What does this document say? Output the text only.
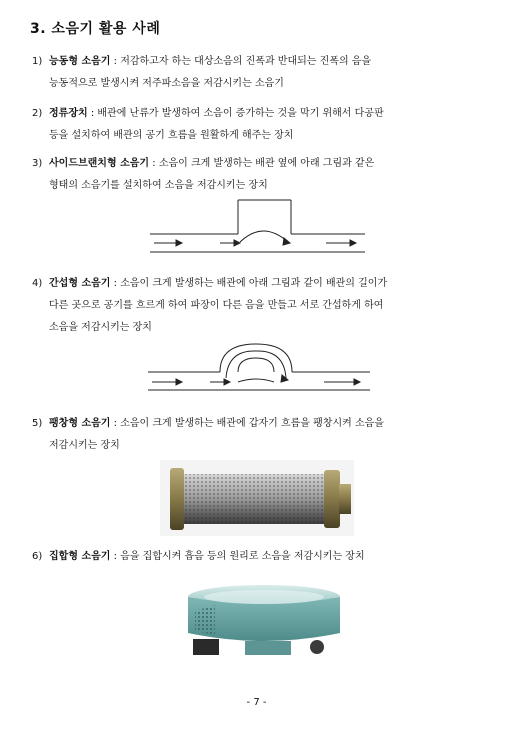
3. 소음기 활용 사례
1) 능동형 소음기 : 저감하고자 하는 대상소음의 진폭과 반대되는 진폭의 음을
능동적으로 발생시켜 저주파소음을 저감시키는 소음기
2) 정류장치 : 배관에 난류가 발생하여 소음이 증가하는 것을 막기 위해서 다공판
등을 설치하여 배관의 공기 흐름을 원활하게 해주는 장치
3) 사이드브랜치형 소음기 : 소음이 크게 발생하는 배관 옆에 아래 그림과 같은
형태의 소음기를 설치하여 소음을 저감시키는 장치
4) 간섭형 소음기 : 소음이 크게 발생하는 배관에 아래 그림과 같이 배관의 길이가
다른 곳으로 공기를 흐르게 하여 파장이 다른 음을 만들고 서로 간섭하게 하여
소음을 저감시키는 장치
5) 팽창형 소음기 : 소음이 크게 발생하는 배관에 갑자기 흐름을 팽창시켜 소음을
저감시키는 장치
6) 집합형 소음기 : 음을 집합시켜 흡음 등의 원리로 소음을 저감시키는 장치
- 7 -
